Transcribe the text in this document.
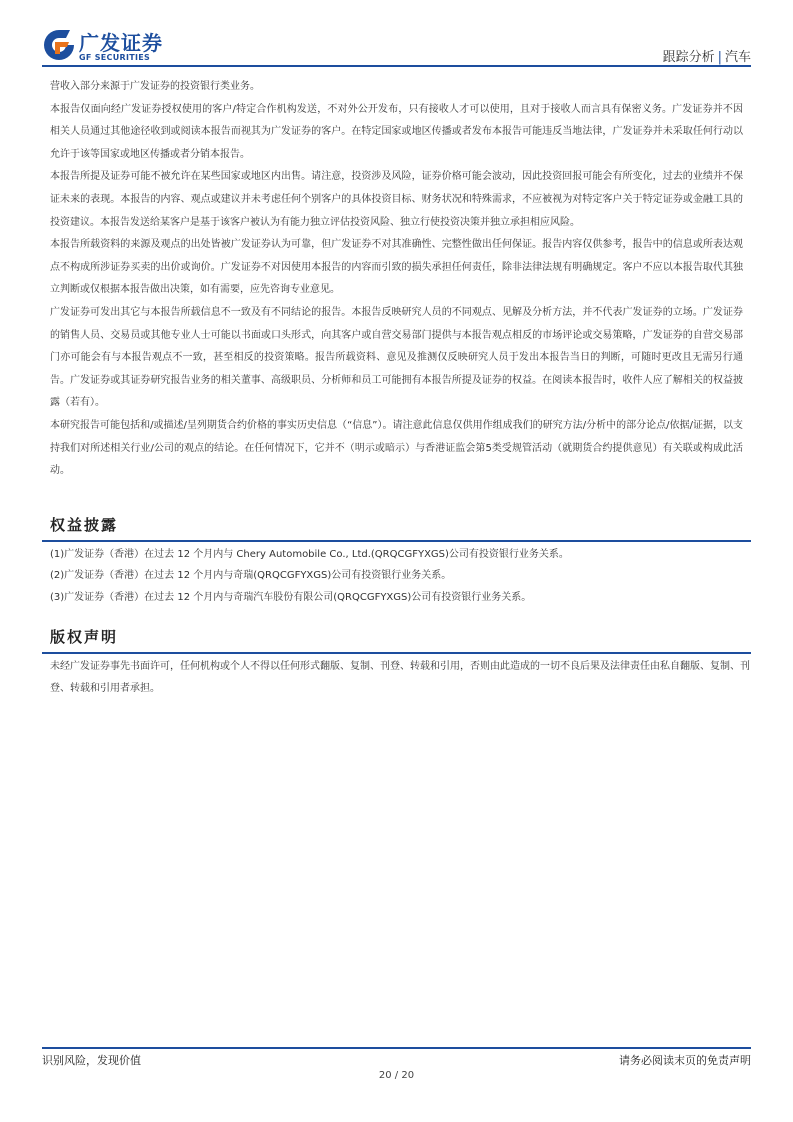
广发证券
GF SECURITIES	跟踪分析 | 汽车

营收入部分来源于广发证券的投资银行类业务。

本报告仅面向经广发证券授权使用的客户/特定合作机构发送，不对外公开发布，只有接收人才可以使用，且对于接收人而言具有保密义务。广发证券并不因相关人员通过其他途径收到或阅读本报告而视其为广发证券的客户。在特定国家或地区传播或者发布本报告可能违反当地法律，广发证券并未采取任何行动以允许于该等国家或地区传播或者分销本报告。

本报告所提及证券可能不被允许在某些国家或地区内出售。请注意，投资涉及风险，证券价格可能会波动，因此投资回报可能会有所变化，过去的业绩并不保证未来的表现。本报告的内容、观点或建议并未考虑任何个别客户的具体投资目标、财务状况和特殊需求，不应被视为对特定客户关于特定证券或金融工具的投资建议。本报告发送给某客户是基于该客户被认为有能力独立评估投资风险、独立行使投资决策并独立承担相应风险。

本报告所载资料的来源及观点的出处皆被广发证券认为可靠，但广发证券不对其准确性、完整性做出任何保证。报告内容仅供参考，报告中的信息或所表达观点不构成所涉证券买卖的出价或询价。广发证券不对因使用本报告的内容而引致的损失承担任何责任，除非法律法规有明确规定。客户不应以本报告取代其独立判断或仅根据本报告做出决策，如有需要，应先咨询专业意见。

广发证券可发出其它与本报告所载信息不一致及有不同结论的报告。本报告反映研究人员的不同观点、见解及分析方法，并不代表广发证券的立场。广发证券的销售人员、交易员或其他专业人士可能以书面或口头形式，向其客户或自营交易部门提供与本报告观点相反的市场评论或交易策略，广发证券的自营交易部门亦可能会有与本报告观点不一致，甚至相反的投资策略。报告所载资料、意见及推测仅反映研究人员于发出本报告当日的判断，可随时更改且无需另行通告。广发证券或其证券研究报告业务的相关董事、高级职员、分析师和员工可能拥有本报告所提及证券的权益。在阅读本报告时，收件人应了解相关的权益披露（若有）。

本研究报告可能包括和/或描述/呈列期货合约价格的事实历史信息（“信息”）。请注意此信息仅供用作组成我们的研究方法/分析中的部分论点/依据/证据，以支持我们对所述相关行业/公司的观点的结论。在任何情况下，它并不（明示或暗示）与香港证监会第5类受规管活动（就期货合约提供意见）有关联或构成此活动。

权益披露
(1)广发证券（香港）在过去 12 个月内与 Chery Automobile Co., Ltd.(QRQCGFYXGS)公司有投资银行业务关系。
(2)广发证券（香港）在过去 12 个月内与奇瑞(QRQCGFYXGS)公司有投资银行业务关系。
(3)广发证券（香港）在过去 12 个月内与奇瑞汽车股份有限公司(QRQCGFYXGS)公司有投资银行业务关系。
版权声明

未经广发证券事先书面许可，任何机构或个人不得以任何形式翻版、复制、刊登、转载和引用，否则由此造成的一切不良后果及法律责任由私自翻版、复制、刊登、转载和引用者承担。

识别风险，发现价值	请务必阅读末页的免责声明
20 / 20
